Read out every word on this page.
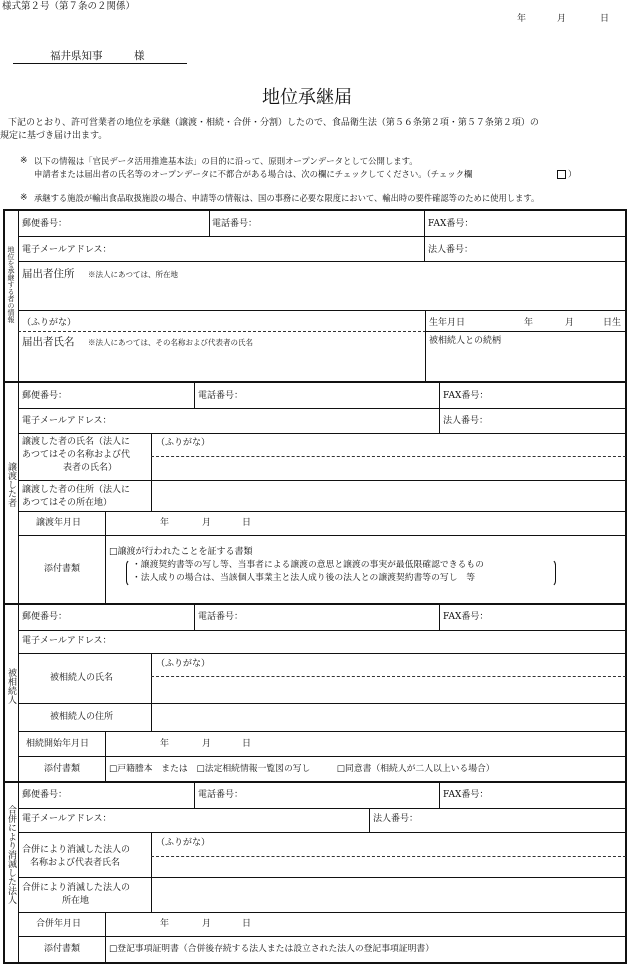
様式第２号（第７条の２関係）
年	月	日
福井県知事	様
地位承継届
下記のとおり、許可営業者の地位を承継（譲渡・相続・合併・分割）したので、食品衛生法（第５６条第２項・第５７条第２項）の
規定に基づき届け出ます。
※ 以下の情報は「官民データ活用推進基本法」の目的に沿って、原則オープンデータとして公開します。
申請者または届出者の氏名等のオープンデータに不都合がある場合は、次の欄にチェックしてください。（チェック欄	）
※ 承継する施設が輸出食品取扱施設の場合、申請等の情報は、国の事務に必要な限度において、輸出時の要件確認等のために使用します。
地位を承継する者の情報
郵便番号：	電話番号：	FAX番号：
電子メールアドレス：	法人番号：
届出者住所 ※法人にあつては、所在地
（ふりがな）	生年月日	年	月	日生
届出者氏名 ※法人にあつては、その名称および代表者の氏名	被相続人との続柄
譲渡した者
郵便番号：	電話番号：	FAX番号：
電子メールアドレス：	法人番号：
譲渡した者の氏名（法人に
あつてはその名称および代
表者の氏名）
（ふりがな）
譲渡した者の住所（法人に
あつてはその所在地）
譲渡年月日	年	月	日
添付書類
□譲渡が行われたことを証する書類
・譲渡契約書等の写し等、当事者による譲渡の意思と譲渡の事実が最低限確認できるもの
・法人成りの場合は、当該個人事業主と法人成り後の法人との譲渡契約書等の写し　等
被相続人
郵便番号：	電話番号：	FAX番号：
電子メールアドレス：
被相続人の氏名
（ふりがな）
被相続人の住所
相続開始年月日	年	月	日
添付書類	□戸籍謄本　または　□法定相続情報一覧図の写し　　　□同意書（相続人が二人以上いる場合）
合併により消滅した法人
郵便番号：	電話番号：	FAX番号：
電子メールアドレス：	法人番号：
合併により消滅した法人の
名称および代表者氏名
（ふりがな）
合併により消滅した法人の
所在地
合併年月日	年	月	日
添付書類	□登記事項証明書（合併後存続する法人または設立された法人の登記事項証明書）
